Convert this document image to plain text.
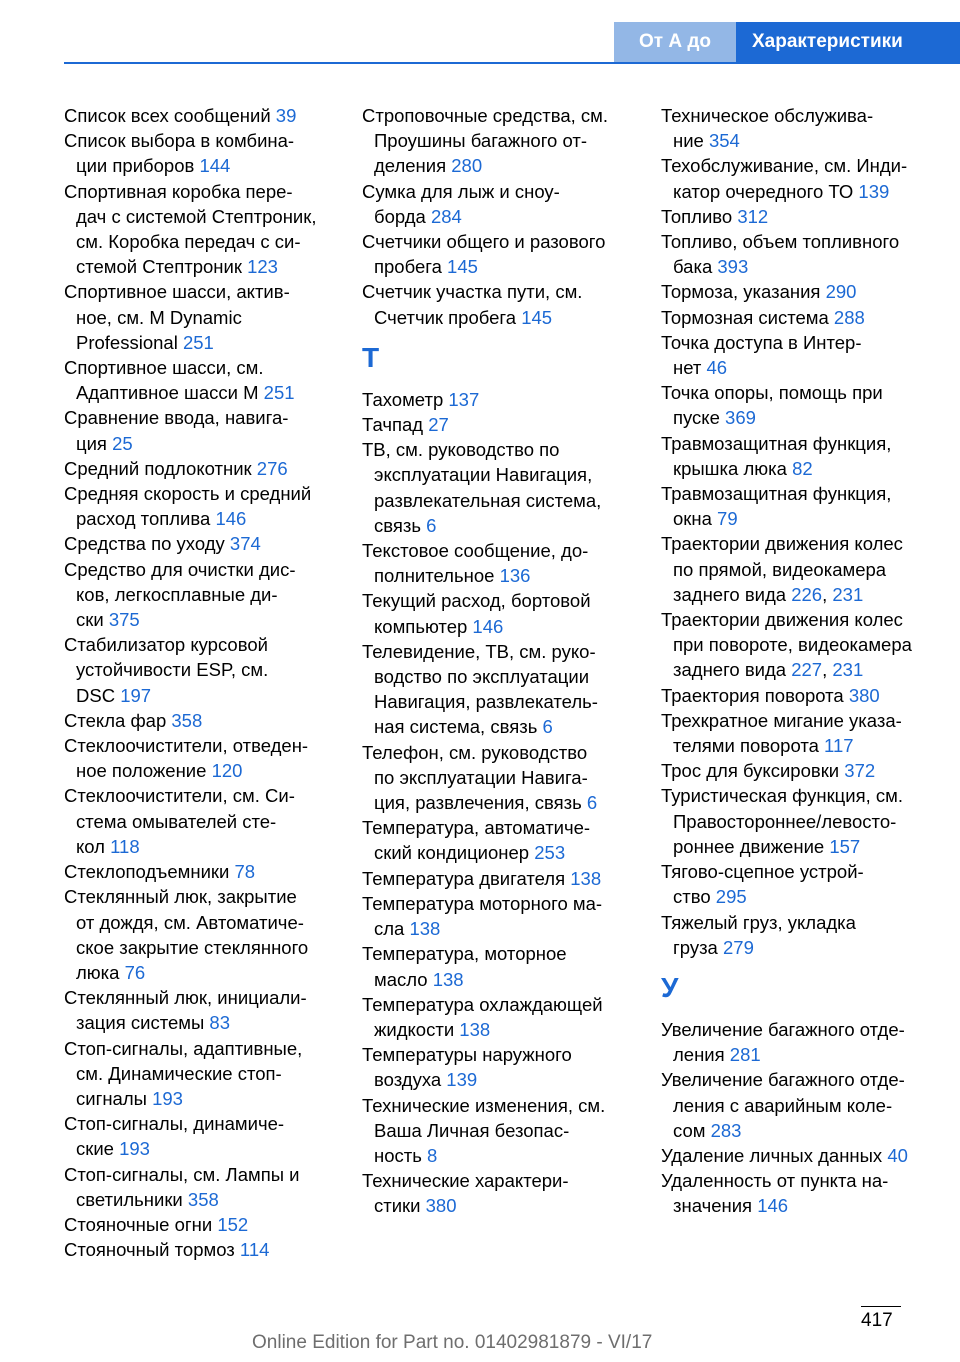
От А до Я
Характеристики
Список всех сообщений 39
Список выбора в комбина-
ции приборов 144
Спортивная коробка пере-
дач с системой Стептроник,
см. Коробка передач с си-
стемой Стептроник 123
Спортивное шасси, актив-
ное, см. M Dynamic
Professional 251
Спортивное шасси, см.
Адаптивное шасси M 251
Сравнение ввода, навига-
ция 25
Средний подлокотник 276
Средняя скорость и средний
расход топлива 146
Средства по уходу 374
Средство для очистки дис-
ков, легкосплавные ди-
ски 375
Стабилизатор курсовой
устойчивости ESP, см.
DSC 197
Стекла фар 358
Стеклоочистители, отведен-
ное положение 120
Стеклоочистители, см. Си-
стема омывателей сте-
кол 118
Стеклоподъемники 78
Стеклянный люк, закрытие
от дождя, см. Автоматиче-
ское закрытие стеклянного
люка 76
Стеклянный люк, инициали-
зация системы 83
Стоп-сигналы, адаптивные,
см. Динамические стоп-
сигналы 193
Стоп-сигналы, динамиче-
ские 193
Стоп-сигналы, см. Лампы и
светильники 358
Стояночные огни 152
Стояночный тормоз 114
Строповочные средства, см.
Проушины багажного от-
деления 280
Сумка для лыж и сноу-
борда 284
Счетчики общего и разового
пробега 145
Счетчик участка пути, см.
Счетчик пробега 145
Т
Тахометр 137
Тачпад 27
ТВ, см. руководство по
эксплуатации Навигация,
развлекательная система,
связь 6
Текстовое сообщение, до-
полнительное 136
Текущий расход, бортовой
компьютер 146
Телевидение, ТВ, см. руко-
водство по эксплуатации
Навигация, развлекатель-
ная система, связь 6
Телефон, см. руководство
по эксплуатации Навига-
ция, развлечения, связь 6
Температура, автоматиче-
ский кондиционер 253
Температура двигателя 138
Температура моторного ма-
сла 138
Температура, моторное
масло 138
Температура охлаждающей
жидкости 138
Температуры наружного
воздуха 139
Технические изменения, см.
Ваша Личная безопас-
ность 8
Технические характери-
стики 380
Техническое обслужива-
ние 354
Техобслуживание, см. Инди-
катор очередного ТО 139
Топливо 312
Топливо, объем топливного
бака 393
Тормоза, указания 290
Тормозная система 288
Точка доступа в Интер-
нет 46
Точка опоры, помощь при
пуске 369
Травмозащитная функция,
крышка люка 82
Травмозащитная функция,
окна 79
Траектории движения колес
по прямой, видеокамера
заднего вида 226, 231
Траектории движения колес
при повороте, видеокамера
заднего вида 227, 231
Траектория поворота 380
Трехкратное мигание указа-
телями поворота 117
Трос для буксировки 372
Туристическая функция, см.
Правостороннее/левосто-
роннее движение 157
Тягово-сцепное устрой-
ство 295
Тяжелый груз, укладка
груза 279
У
Увеличение багажного отде-
ления 281
Увеличение багажного отде-
ления с аварийным коле-
сом 283
Удаление личных данных 40
Удаленность от пункта на-
значения 146
417
Online Edition for Part no. 01402981879 - VI/17
